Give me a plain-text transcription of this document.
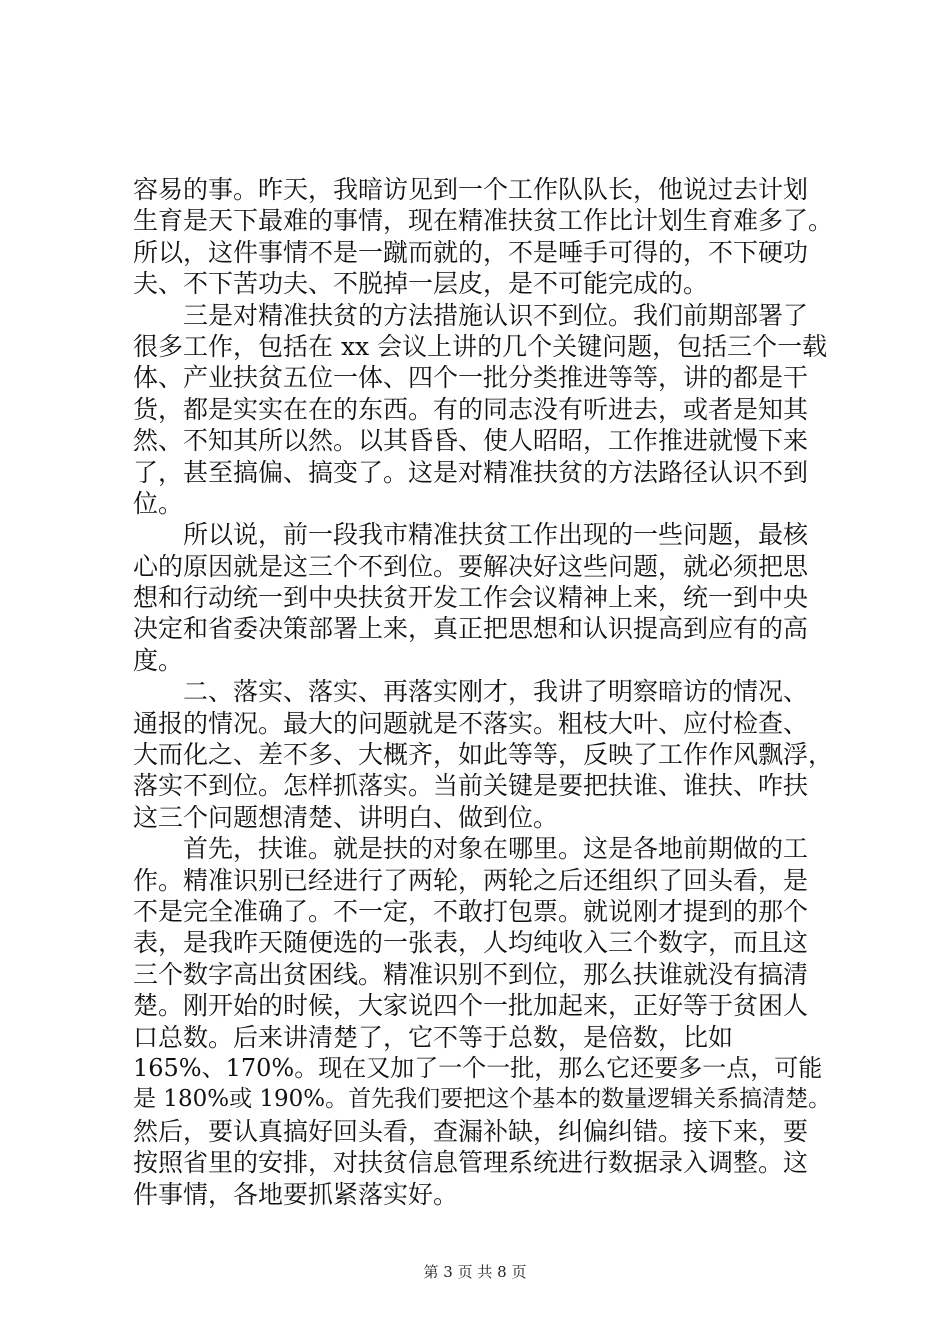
容易的事。昨天，我暗访见到一个工作队队长，他说过去计划
生育是天下最难的事情，现在精准扶贫工作比计划生育难多了。
所以，这件事情不是一蹴而就的，不是唾手可得的，不下硬功
夫、不下苦功夫、不脱掉一层皮，是不可能完成的。
　　三是对精准扶贫的方法措施认识不到位。我们前期部署了
很多工作，包括在 xx 会议上讲的几个关键问题，包括三个一载
体、产业扶贫五位一体、四个一批分类推进等等，讲的都是干
货，都是实实在在的东西。有的同志没有听进去，或者是知其
然、不知其所以然。以其昏昏、使人昭昭，工作推进就慢下来
了，甚至搞偏、搞变了。这是对精准扶贫的方法路径认识不到
位。
　　所以说，前一段我市精准扶贫工作出现的一些问题，最核
心的原因就是这三个不到位。要解决好这些问题，就必须把思
想和行动统一到中央扶贫开发工作会议精神上来，统一到中央
决定和省委决策部署上来，真正把思想和认识提高到应有的高
度。
　　二、落实、落实、再落实刚才，我讲了明察暗访的情况、
通报的情况。最大的问题就是不落实。粗枝大叶、应付检查、
大而化之、差不多、大概齐，如此等等，反映了工作作风飘浮，
落实不到位。怎样抓落实。当前关键是要把扶谁、谁扶、咋扶
这三个问题想清楚、讲明白、做到位。
　　首先，扶谁。就是扶的对象在哪里。这是各地前期做的工
作。精准识别已经进行了两轮，两轮之后还组织了回头看，是
不是完全准确了。不一定，不敢打包票。就说刚才提到的那个
表，是我昨天随便选的一张表，人均纯收入三个数字，而且这
三个数字高出贫困线。精准识别不到位，那么扶谁就没有搞清
楚。刚开始的时候，大家说四个一批加起来，正好等于贫困人
口总数。后来讲清楚了，它不等于总数，是倍数，比如
165%、170%。现在又加了一个一批，那么它还要多一点，可能
是 180%或 190%。首先我们要把这个基本的数量逻辑关系搞清楚。
然后，要认真搞好回头看，查漏补缺，纠偏纠错。接下来，要
按照省里的安排，对扶贫信息管理系统进行数据录入调整。这
件事情，各地要抓紧落实好。
第 3 页 共 8 页
